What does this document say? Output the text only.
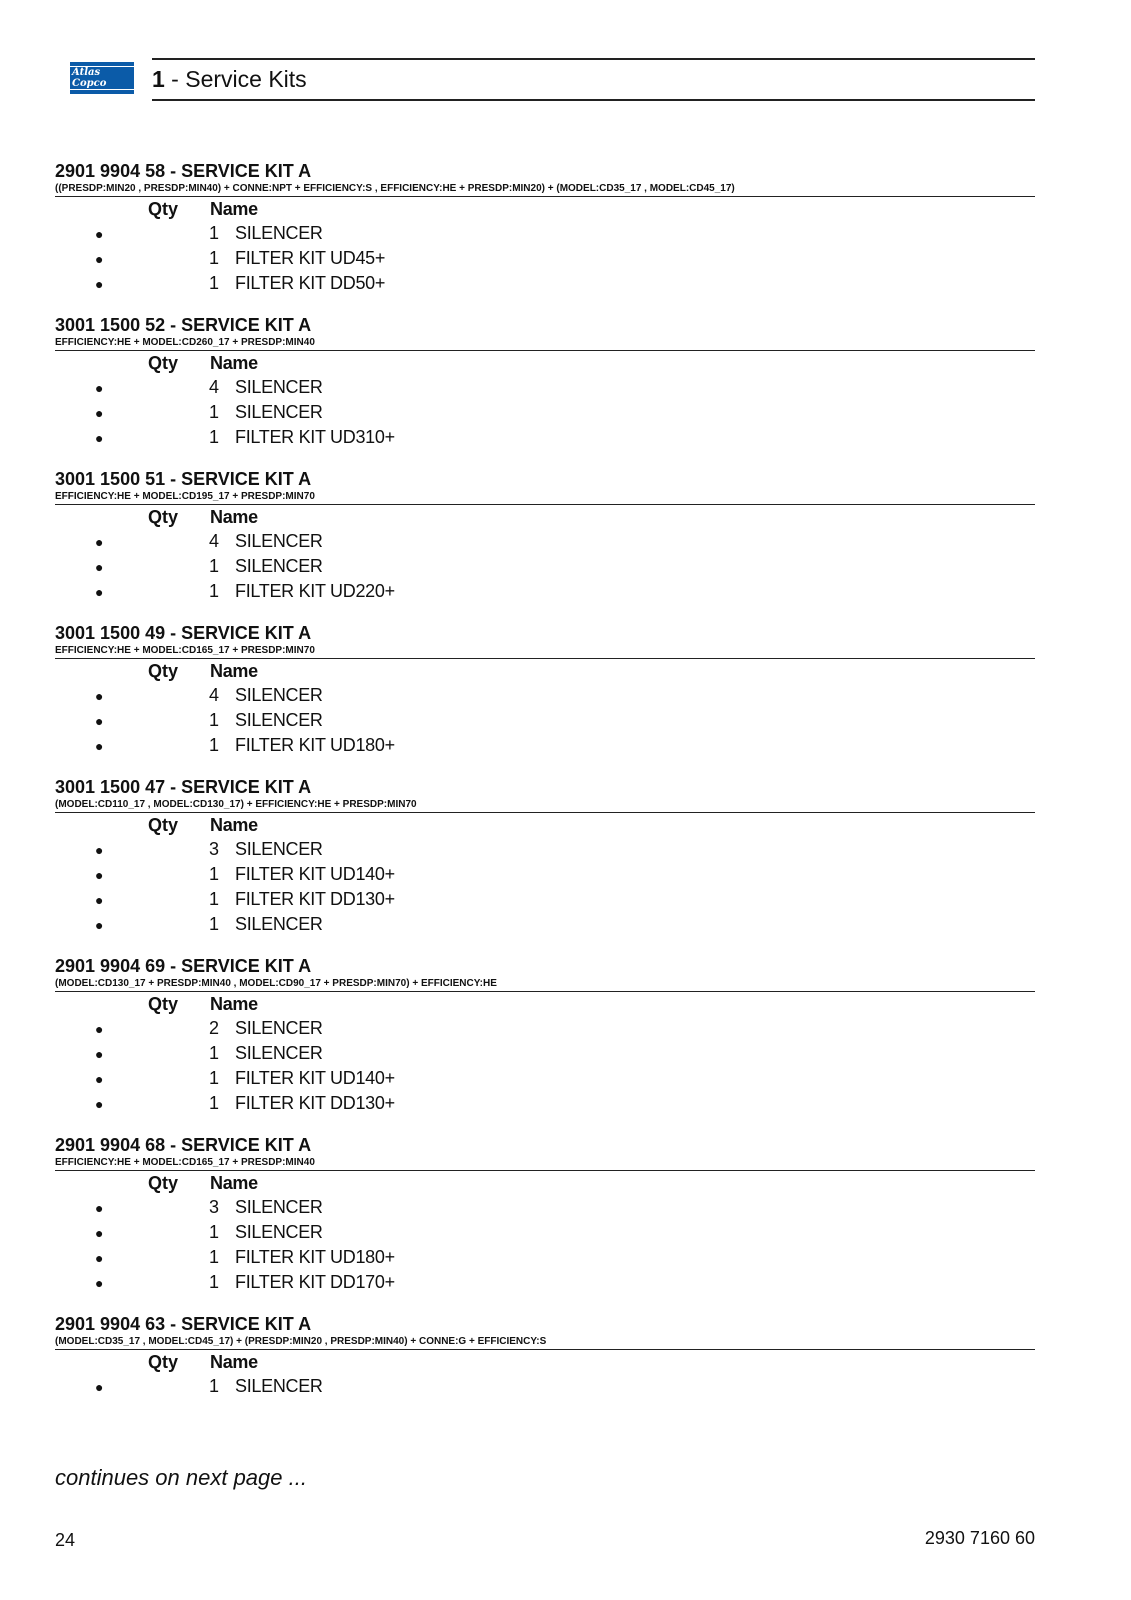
Atlas Copco	1 - Service Kits
2901 9904 58 - SERVICE KIT A
((PRESDP:MIN20 , PRESDP:MIN40) + CONNE:NPT + EFFICIENCY:S , EFFICIENCY:HE + PRESDP:MIN20) + (MODEL:CD35_17 , MODEL:CD45_17)
Qty	Name
●	1 SILENCER
●	1 FILTER KIT UD45+
●	1 FILTER KIT DD50+
3001 1500 52 - SERVICE KIT A
EFFICIENCY:HE + MODEL:CD260_17 + PRESDP:MIN40
Qty	Name
●	4 SILENCER
●	1 SILENCER
●	1 FILTER KIT UD310+
3001 1500 51 - SERVICE KIT A
EFFICIENCY:HE + MODEL:CD195_17 + PRESDP:MIN70
Qty	Name
●	4 SILENCER
●	1 SILENCER
●	1 FILTER KIT UD220+
3001 1500 49 - SERVICE KIT A
EFFICIENCY:HE + MODEL:CD165_17 + PRESDP:MIN70
Qty	Name
●	4 SILENCER
●	1 SILENCER
●	1 FILTER KIT UD180+
3001 1500 47 - SERVICE KIT A
(MODEL:CD110_17 , MODEL:CD130_17) + EFFICIENCY:HE + PRESDP:MIN70
Qty	Name
●	3 SILENCER
●	1 FILTER KIT UD140+
●	1 FILTER KIT DD130+
●	1 SILENCER
2901 9904 69 - SERVICE KIT A
(MODEL:CD130_17 + PRESDP:MIN40 , MODEL:CD90_17 + PRESDP:MIN70) + EFFICIENCY:HE
Qty	Name
●	2 SILENCER
●	1 SILENCER
●	1 FILTER KIT UD140+
●	1 FILTER KIT DD130+
2901 9904 68 - SERVICE KIT A
EFFICIENCY:HE + MODEL:CD165_17 + PRESDP:MIN40
Qty	Name
●	3 SILENCER
●	1 SILENCER
●	1 FILTER KIT UD180+
●	1 FILTER KIT DD170+
2901 9904 63 - SERVICE KIT A
(MODEL:CD35_17 , MODEL:CD45_17) + (PRESDP:MIN20 , PRESDP:MIN40) + CONNE:G + EFFICIENCY:S
Qty	Name
●	1 SILENCER
continues on next page ...
24	2930 7160 60
